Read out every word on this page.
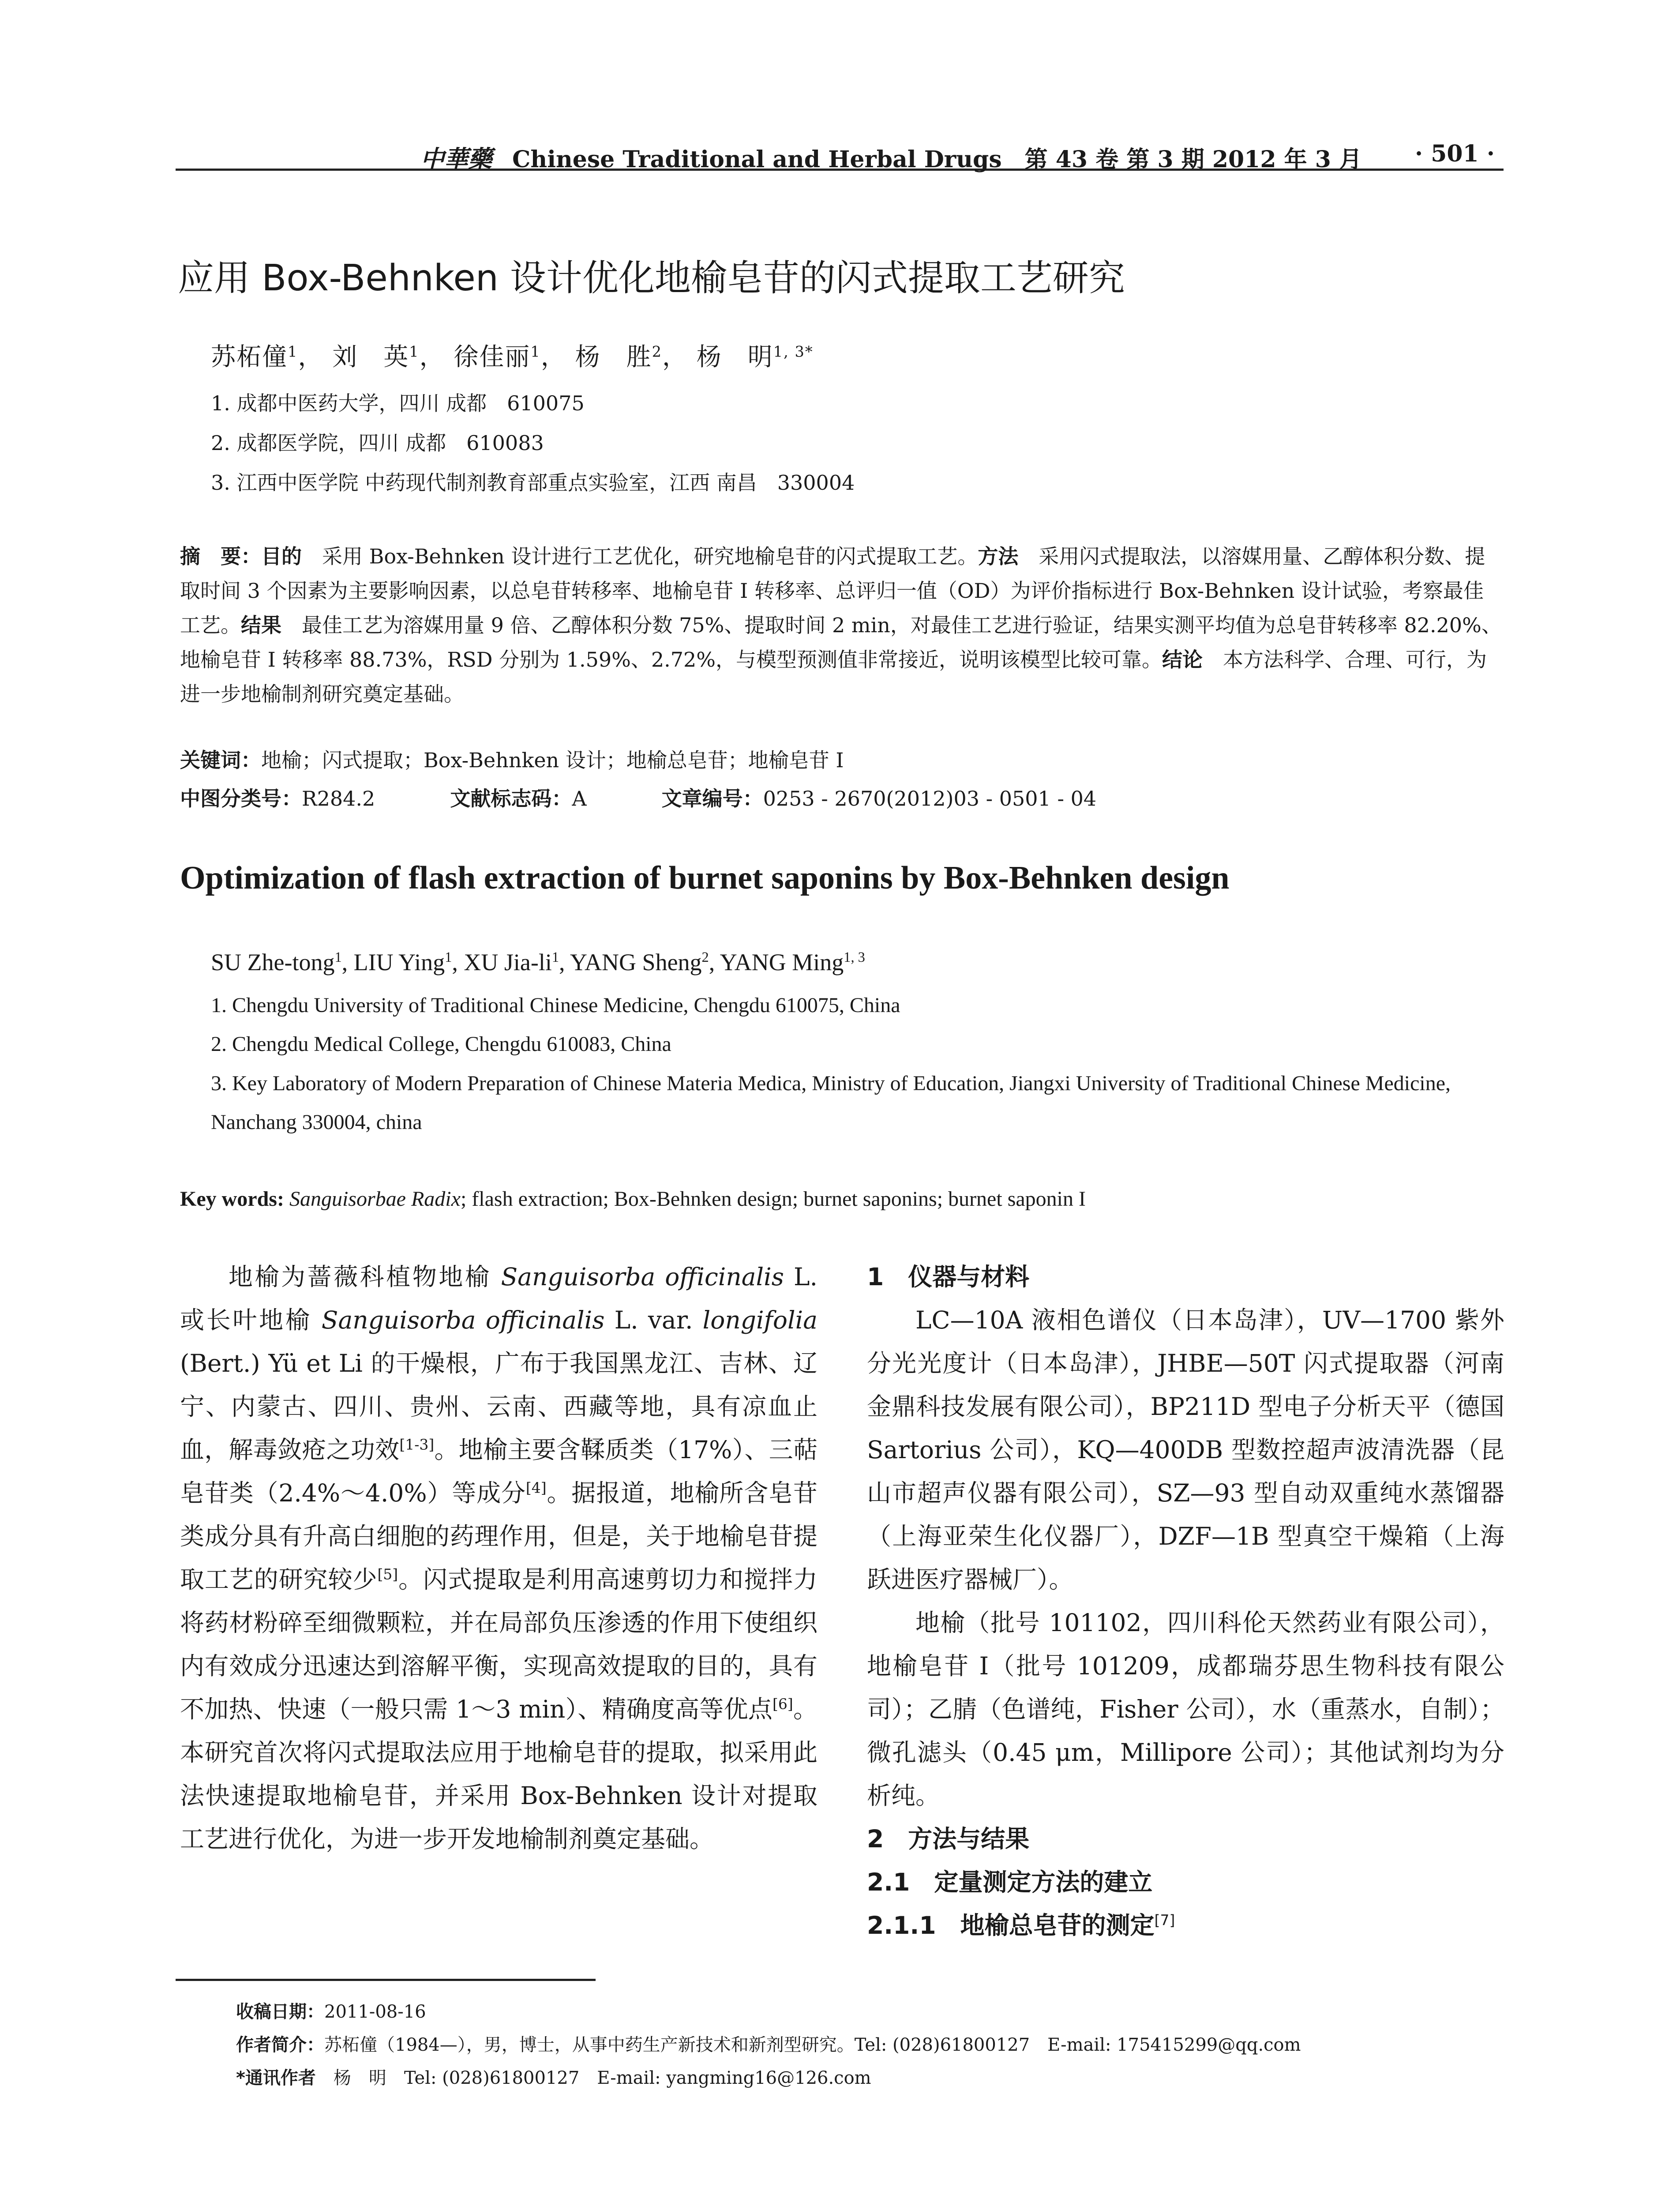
中華藥 Chinese Traditional and Herbal Drugs　第 43 卷 第 3 期 2012 年 3 月 · 501 ·
应用 Box-Behnken 设计优化地榆皂苷的闪式提取工艺研究
苏柘僮$^1$， 刘　英$^1$， 徐佳丽$^1$， 杨　胜$^2$， 杨　明$^{1, 3*}$
1. 成都中医药大学，四川 成都　610075
2. 成都医学院，四川 成都　610083
3. 江西中医学院 中药现代制剂教育部重点实验室，江西 南昌　330004
摘　要：目的　 采用 Box-Behnken 设计进行工艺优化，研究地榆皂苷的闪式提取工艺。方法　 采用闪式提取法，以溶媒用量、乙醇体积分数、提取时间 3 个因素为主要影响因素，以总皂苷转移率、地榆皂苷 I 转移率、总评归一值（OD）为评价指标进行 Box-Behnken 设计试验，考察最佳工艺。结果　 最佳工艺为溶媒用量 9 倍、乙醇体积分数 75%、提取时间 2 min，对最佳工艺进行验证，结果实测平均值为总皂苷转移率 82.20%、地榆皂苷 I 转移率 88.73%，RSD 分别为 1.59%、2.72%，与模型预测值非常接近，说明该模型比较可靠。结论　 本方法科学、合理、可行，为进一步地榆制剂研究奠定基础。
关键词：地榆；闪式提取；Box-Behnken 设计；地榆总皂苷；地榆皂苷 I
中图分类号：R284.2	文献标志码：A	文章编号：0253 - 2670(2012)03 - 0501 - 04
Optimization of flash extraction of burnet saponins by Box-Behnken design
SU Zhe-tong$^1$, LIU Ying$^1$, XU Jia-$li^1$, YANG Sheng$^2$, YANG Ming$^{1, 3}$
1. Chengdu University of Traditional Chinese Medicine, Chengdu 610075, China
2. Chengdu Medical College, Chengdu 610083, China
3. Key Laboratory of Modern Preparation of Chinese Materia Medica, Ministry of Education, Jiangxi University of Traditional Chinese Medicine, Nanchang 330004, china
Key words: Sanguisorbae Radix; flash extraction; Box-Behnken design; burnet saponins; burnet saponin I

地榆为蔷薇科植物地榆 Sanguisorba officinalis L. 或长叶地榆 Sanguisorba officinalis L. var. longifolia (Bert.) Yü et Li 的干燥根，广布于我国黑龙江、吉林、辽宁、内蒙古、四川、贵州、云南、西藏等地，具有凉血止血，解毒敛疮之功效[1-3]。地榆主要含鞣质类（17%）、三萜皂苷类（2.4%～4.0%）等成分[4]。据报道，地榆所含皂苷类成分具有升高白细胞的药理作用，但是，关于地榆皂苷提取工艺的研究较少[5]。闪式提取是利用高速剪切力和搅拌力将药材粉碎至细微颗粒，并在局部负压渗透的作用下使组织内有效成分迅速达到溶解平衡，实现高效提取的目的，具有不加热、快速（一般只需 1～3 min）、精确度高等优点[6]。本研究首次将闪式提取法应用于地榆皂苷的提取，拟采用此法快速提取地榆皂苷，并采用 Box-Behnken 设计对提取工艺进行优化，为进一步开发地榆制剂奠定基础。

1　仪器与材料

LC—10A 液相色谱仪（日本岛津），UV—1700 紫外分光光度计（日本岛津），JHBE—50T 闪式提取器（河南金鼎科技发展有限公司），BP211D 型电子分析天平（德国 Sartorius 公司），KQ—400DB 型数控超声波清洗器（昆山市超声仪器有限公司），SZ—93 型自动双重纯水蒸馏器（上海亚荣生化仪器厂），DZF—1B 型真空干燥箱（上海跃进医疗器械厂）。

地榆（批号 101102，四川科伦天然药业有限公司），地榆皂苷 I（批号 101209，成都瑞芬思生物科技有限公司）；乙腈（色谱纯，Fisher 公司），水（重蒸水，自制）；微孔滤头（0.45 μm，Millipore 公司）；其他试剂均为分析纯。

2　方法与结果
2.1　定量测定方法的建立
2.1.1　地榆总皂苷的测定[7]
收稿日期：2011-08-16
作者简介：苏柘僮（1984—），男，博士，从事中药生产新技术和新剂型研究。Tel: (028)61800127　E-mail: 175415299@qq.com
*通讯作者　 杨　明　Tel: (028)61800127　E-mail: yangming16@126.com
